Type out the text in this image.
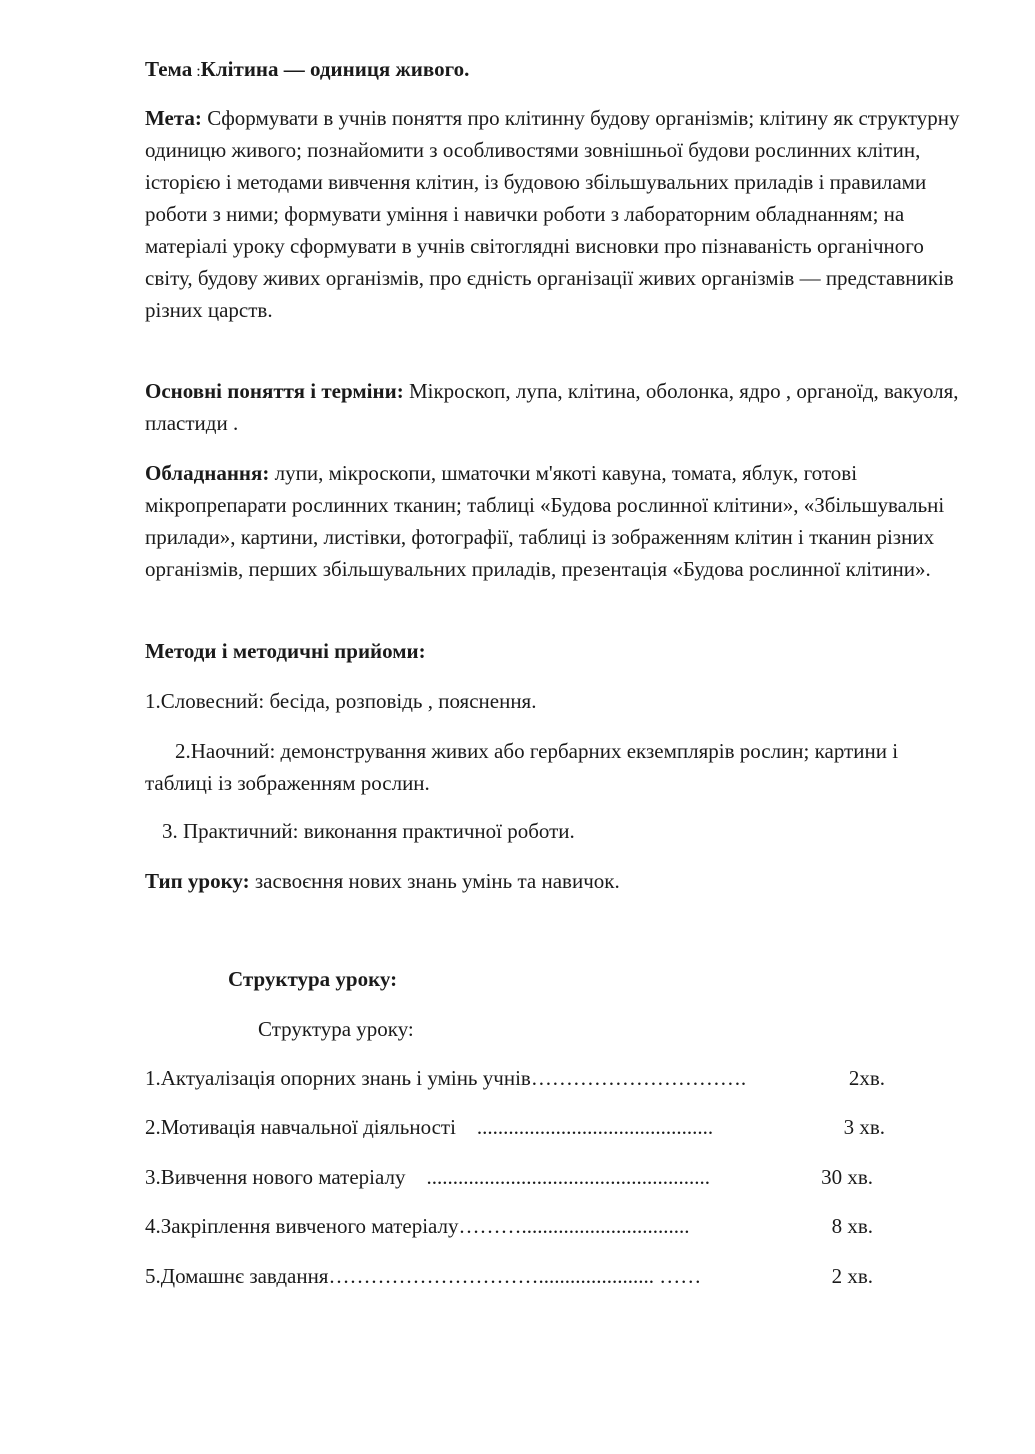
Тема :Клітина — одиниця живого.

Мета: Сформувати в учнів поняття про клітинну будову організмів; клітину як структурну одиницю живого; познайомити з особливостями зовнішньої будови рослинних клітин, історією і методами вивчення клітин, із будовою збільшувальних приладів і правилами роботи з ними; формувати уміння і навички роботи з лабораторним обладнанням; на матеріалі уроку сформувати в учнів світоглядні висновки про пізнаваність органічного світу, будову живих організмів, про єдність організації живих організмів — представників різних царств.

Основні поняття і терміни: Мікроскоп, лупа, клітина, оболонка, ядро , органоїд, вакуоля, пластиди .

Обладнання: лупи, мікроскопи, шматочки м'якоті кавуна, томата, яблук, готові мікропрепарати рослинних тканин; таблиці «Будова рослинної клітини», «Збільшувальні прилади», картини, листівки, фотографії, таблиці із зображенням клітин і тканин різних організмів, перших збільшувальних приладів, презентація «Будова рослинної клітини».

Методи і методичні прийоми:

1.Словесний: бесіда, розповідь , пояснення.

2.Наочний: демонстрування живих або гербарних екземплярів рослин; картини і таблиці із зображенням рослин.

3. Практичний: виконання практичної роботи.

Тип уроку: засвоєння нових знань умінь та навичок.

Структура уроку:

Структура уроку:

1.Актуалізація опорних знань і умінь учнів………………………….	2хв.
2.Мотивація навчальної діяльності    .............................................	3 хв.
3.Вивчення нового матеріалу    ......................................................	30 хв.
4.Закріплення вивченого матеріалу………................................	8 хв.
5.Домашнє завдання…………………………...................... ……	2 хв.
